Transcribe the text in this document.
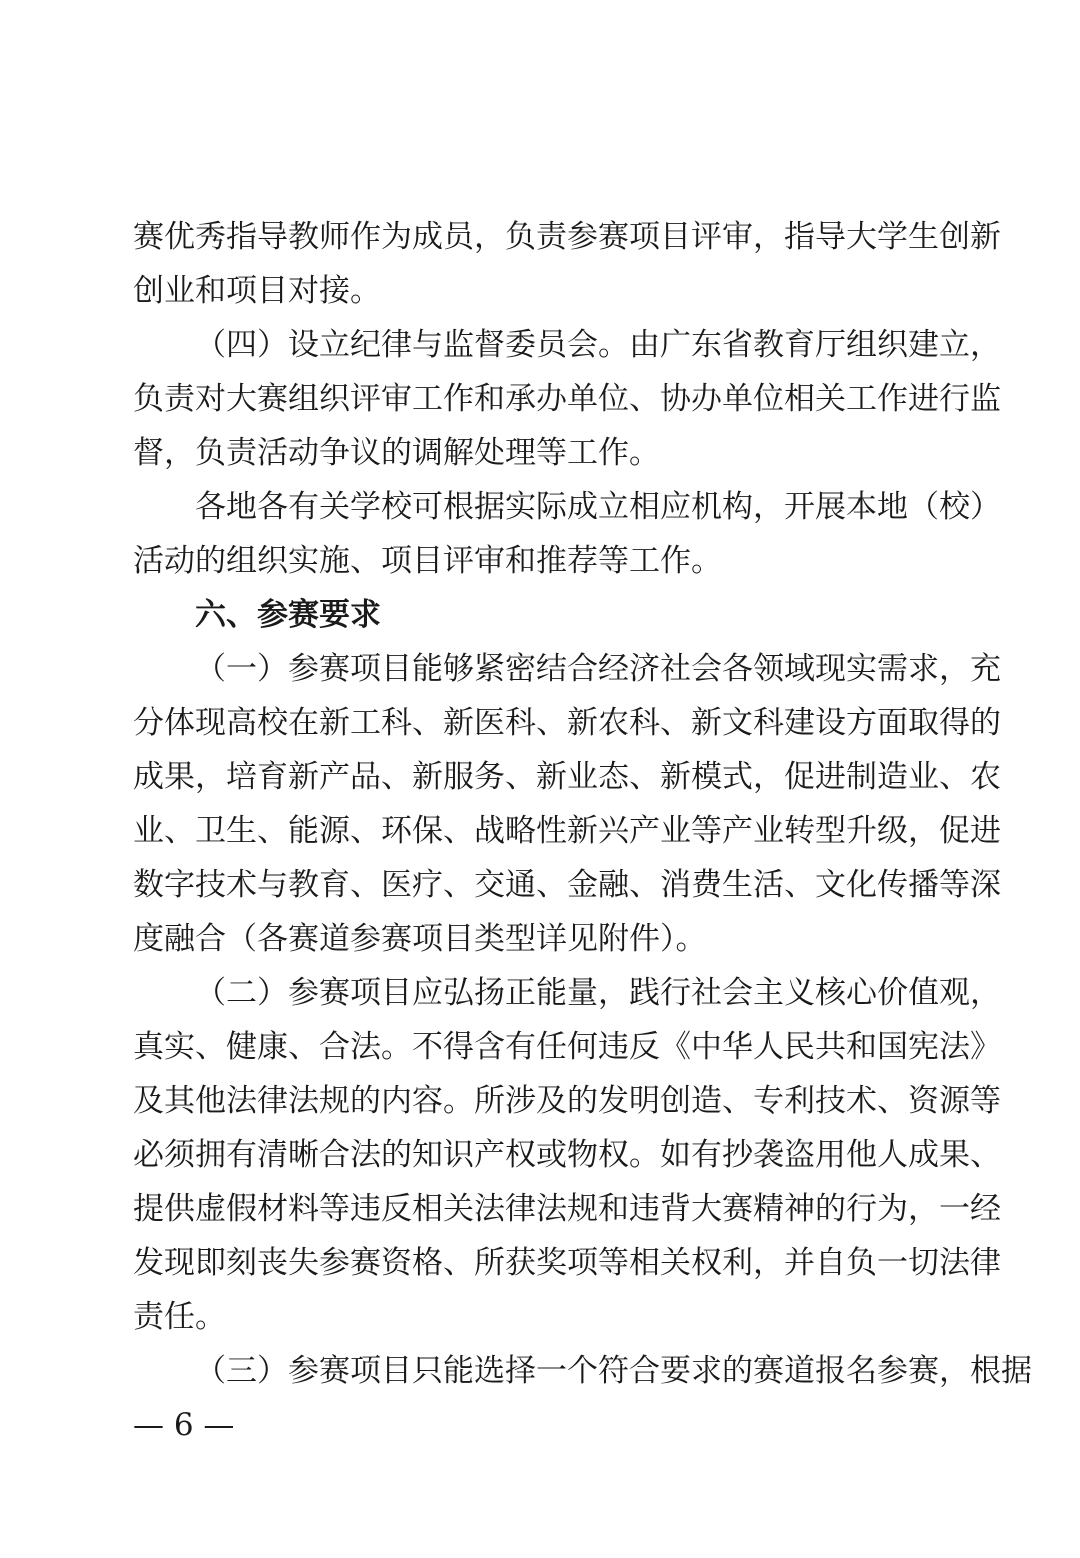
赛优秀指导教师作为成员，负责参赛项目评审，指导大学生创新
创业和项目对接。
（四）设立纪律与监督委员会。由广东省教育厅组织建立，
负责对大赛组织评审工作和承办单位、协办单位相关工作进行监
督，负责活动争议的调解处理等工作。
各地各有关学校可根据实际成立相应机构，开展本地（校）
活动的组织实施、项目评审和推荐等工作。
六、参赛要求
（一）参赛项目能够紧密结合经济社会各领域现实需求，充
分体现高校在新工科、新医科、新农科、新文科建设方面取得的
成果，培育新产品、新服务、新业态、新模式，促进制造业、农
业、卫生、能源、环保、战略性新兴产业等产业转型升级，促进
数字技术与教育、医疗、交通、金融、消费生活、文化传播等深
度融合（各赛道参赛项目类型详见附件）。
（二）参赛项目应弘扬正能量，践行社会主义核心价值观，
真实、健康、合法。不得含有任何违反《中华人民共和国宪法》
及其他法律法规的内容。所涉及的发明创造、专利技术、资源等
必须拥有清晰合法的知识产权或物权。如有抄袭盗用他人成果、
提供虚假材料等违反相关法律法规和违背大赛精神的行为，一经
发现即刻丧失参赛资格、所获奖项等相关权利，并自负一切法律
责任。
（三）参赛项目只能选择一个符合要求的赛道报名参赛，根据
— 6 —
